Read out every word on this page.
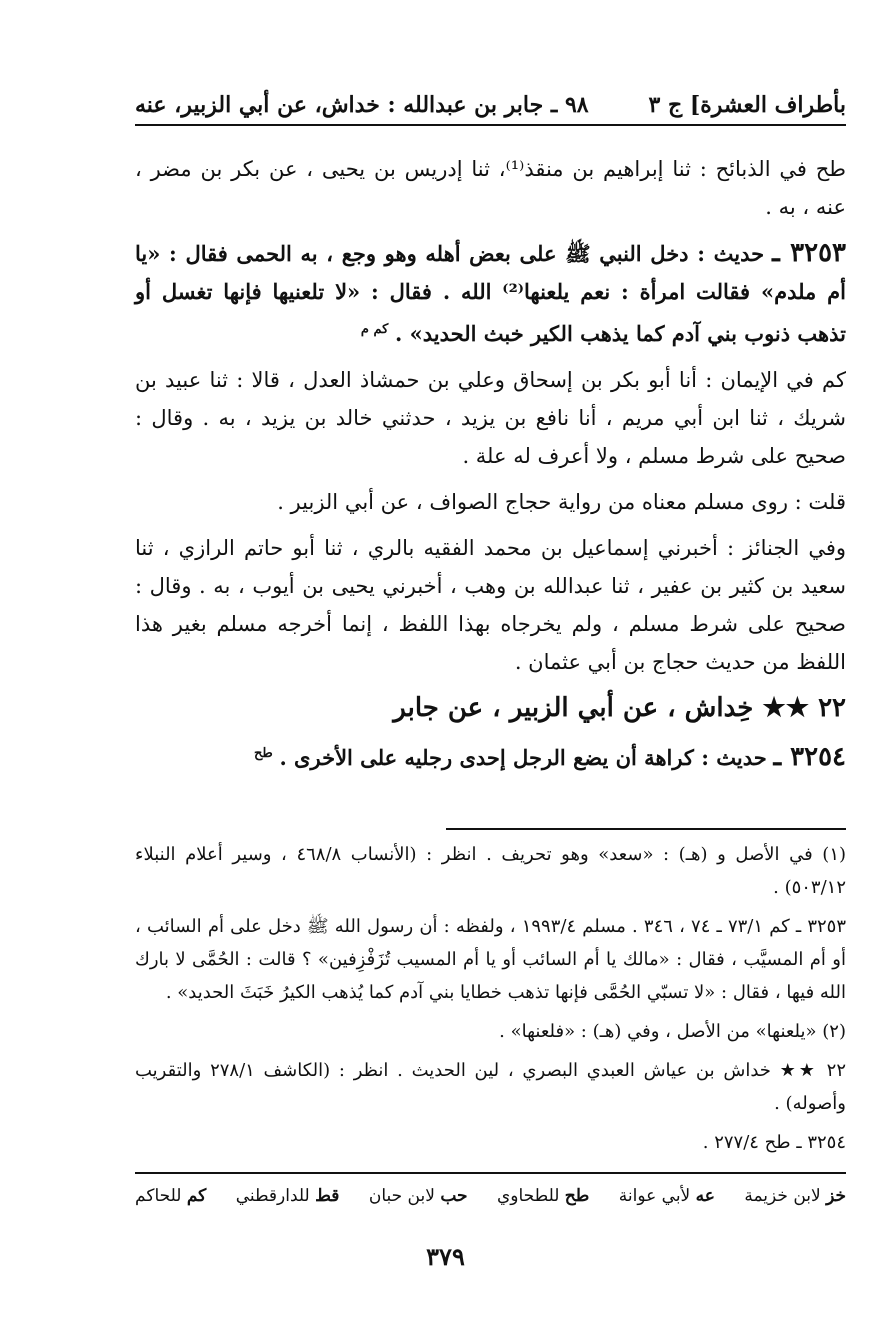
بأطراف العشرة] ج ٣
٩٨ ـ جابر بن عبدالله : خداش، عن أبي الزبير، عنه

طح في الذبائح : ثنا إبراهيم بن منقذ⁽¹⁾، ثنا إدريس بن يحيى ، عن بكر بن مضر ، عنه ، به .

٣٢٥٣ ـ حديث : دخل النبي ﷺ على بعض أهله وهو وجع ، به الحمى فقال : «يا أم ملدم» فقالت امرأة : نعم يلعنها⁽²⁾ الله . فقال : «لا تلعنيها فإنها تغسل أو تذهب ذنوب بني آدم كما يذهب الكير خبث الحديد» . $^{كم م}$

كم في الإيمان : أنا أبو بكر بن إسحاق وعلي بن حمشاذ العدل ، قالا : ثنا عبيد بن شريك ، ثنا ابن أبي مريم ، أنا نافع بن يزيد ، حدثني خالد بن يزيد ، به . وقال : صحيح على شرط مسلم ، ولا أعرف له علة .

قلت : روى مسلم معناه من رواية حجاج الصواف ، عن أبي الزبير .

وفي الجنائز : أخبرني إسماعيل بن محمد الفقيه بالري ، ثنا أبو حاتم الرازي ، ثنا سعيد بن كثير بن عفير ، ثنا عبدالله بن وهب ، أخبرني يحيى بن أيوب ، به . وقال : صحيح على شرط مسلم ، ولم يخرجاه بهذا اللفظ ، إنما أخرجه مسلم بغير هذا اللفظ من حديث حجاج بن أبي عثمان .

٢٢ ★★ خِداش ، عن أبي الزبير ، عن جابر

٣٢٥٤ ـ حديث : كراهة أن يضع الرجل إحدى رجليه على الأخرى . $^{طح}$

(١) في الأصل و (هـ) : «سعد» وهو تحريف . انظر : (الأنساب ٤٦٨/٨ ، وسير أعلام النبلاء ٥٠٣/١٢) .

٣٢٥٣ ـ كم ٧٣/١ ـ ٧٤ ، ٣٤٦ . مسلم ١٩٩٣/٤ ، ولفظه : أن رسول الله ﷺ دخل على أم السائب ، أو أم المسيَّب ، فقال : «مالك يا أم السائب أو يا أم المسيب تُزَفْزِفين» ؟ قالت : الحُمَّى لا بارك الله فيها ، فقال : «لا تسبّي الحُمَّى فإنها تذهب خطايا بني آدم كما يُذهب الكيرُ خَبَثَ الحديد» .

(٢) «يلعنها» من الأصل ، وفي (هـ) : «فلعنها» .

٢٢ ★★ خداش بن عياش العبدي البصري ، لين الحديث . انظر : (الكاشف ٢٧٨/١ والتقريب وأصوله) .

٣٢٥٤ ـ طح ٢٧٧/٤ .

خز لابن خزيمة
عه لأبي عوانة
طح للطحاوي
حب لابن حبان
قط للدارقطني
كم للحاكم
٣٧٩
